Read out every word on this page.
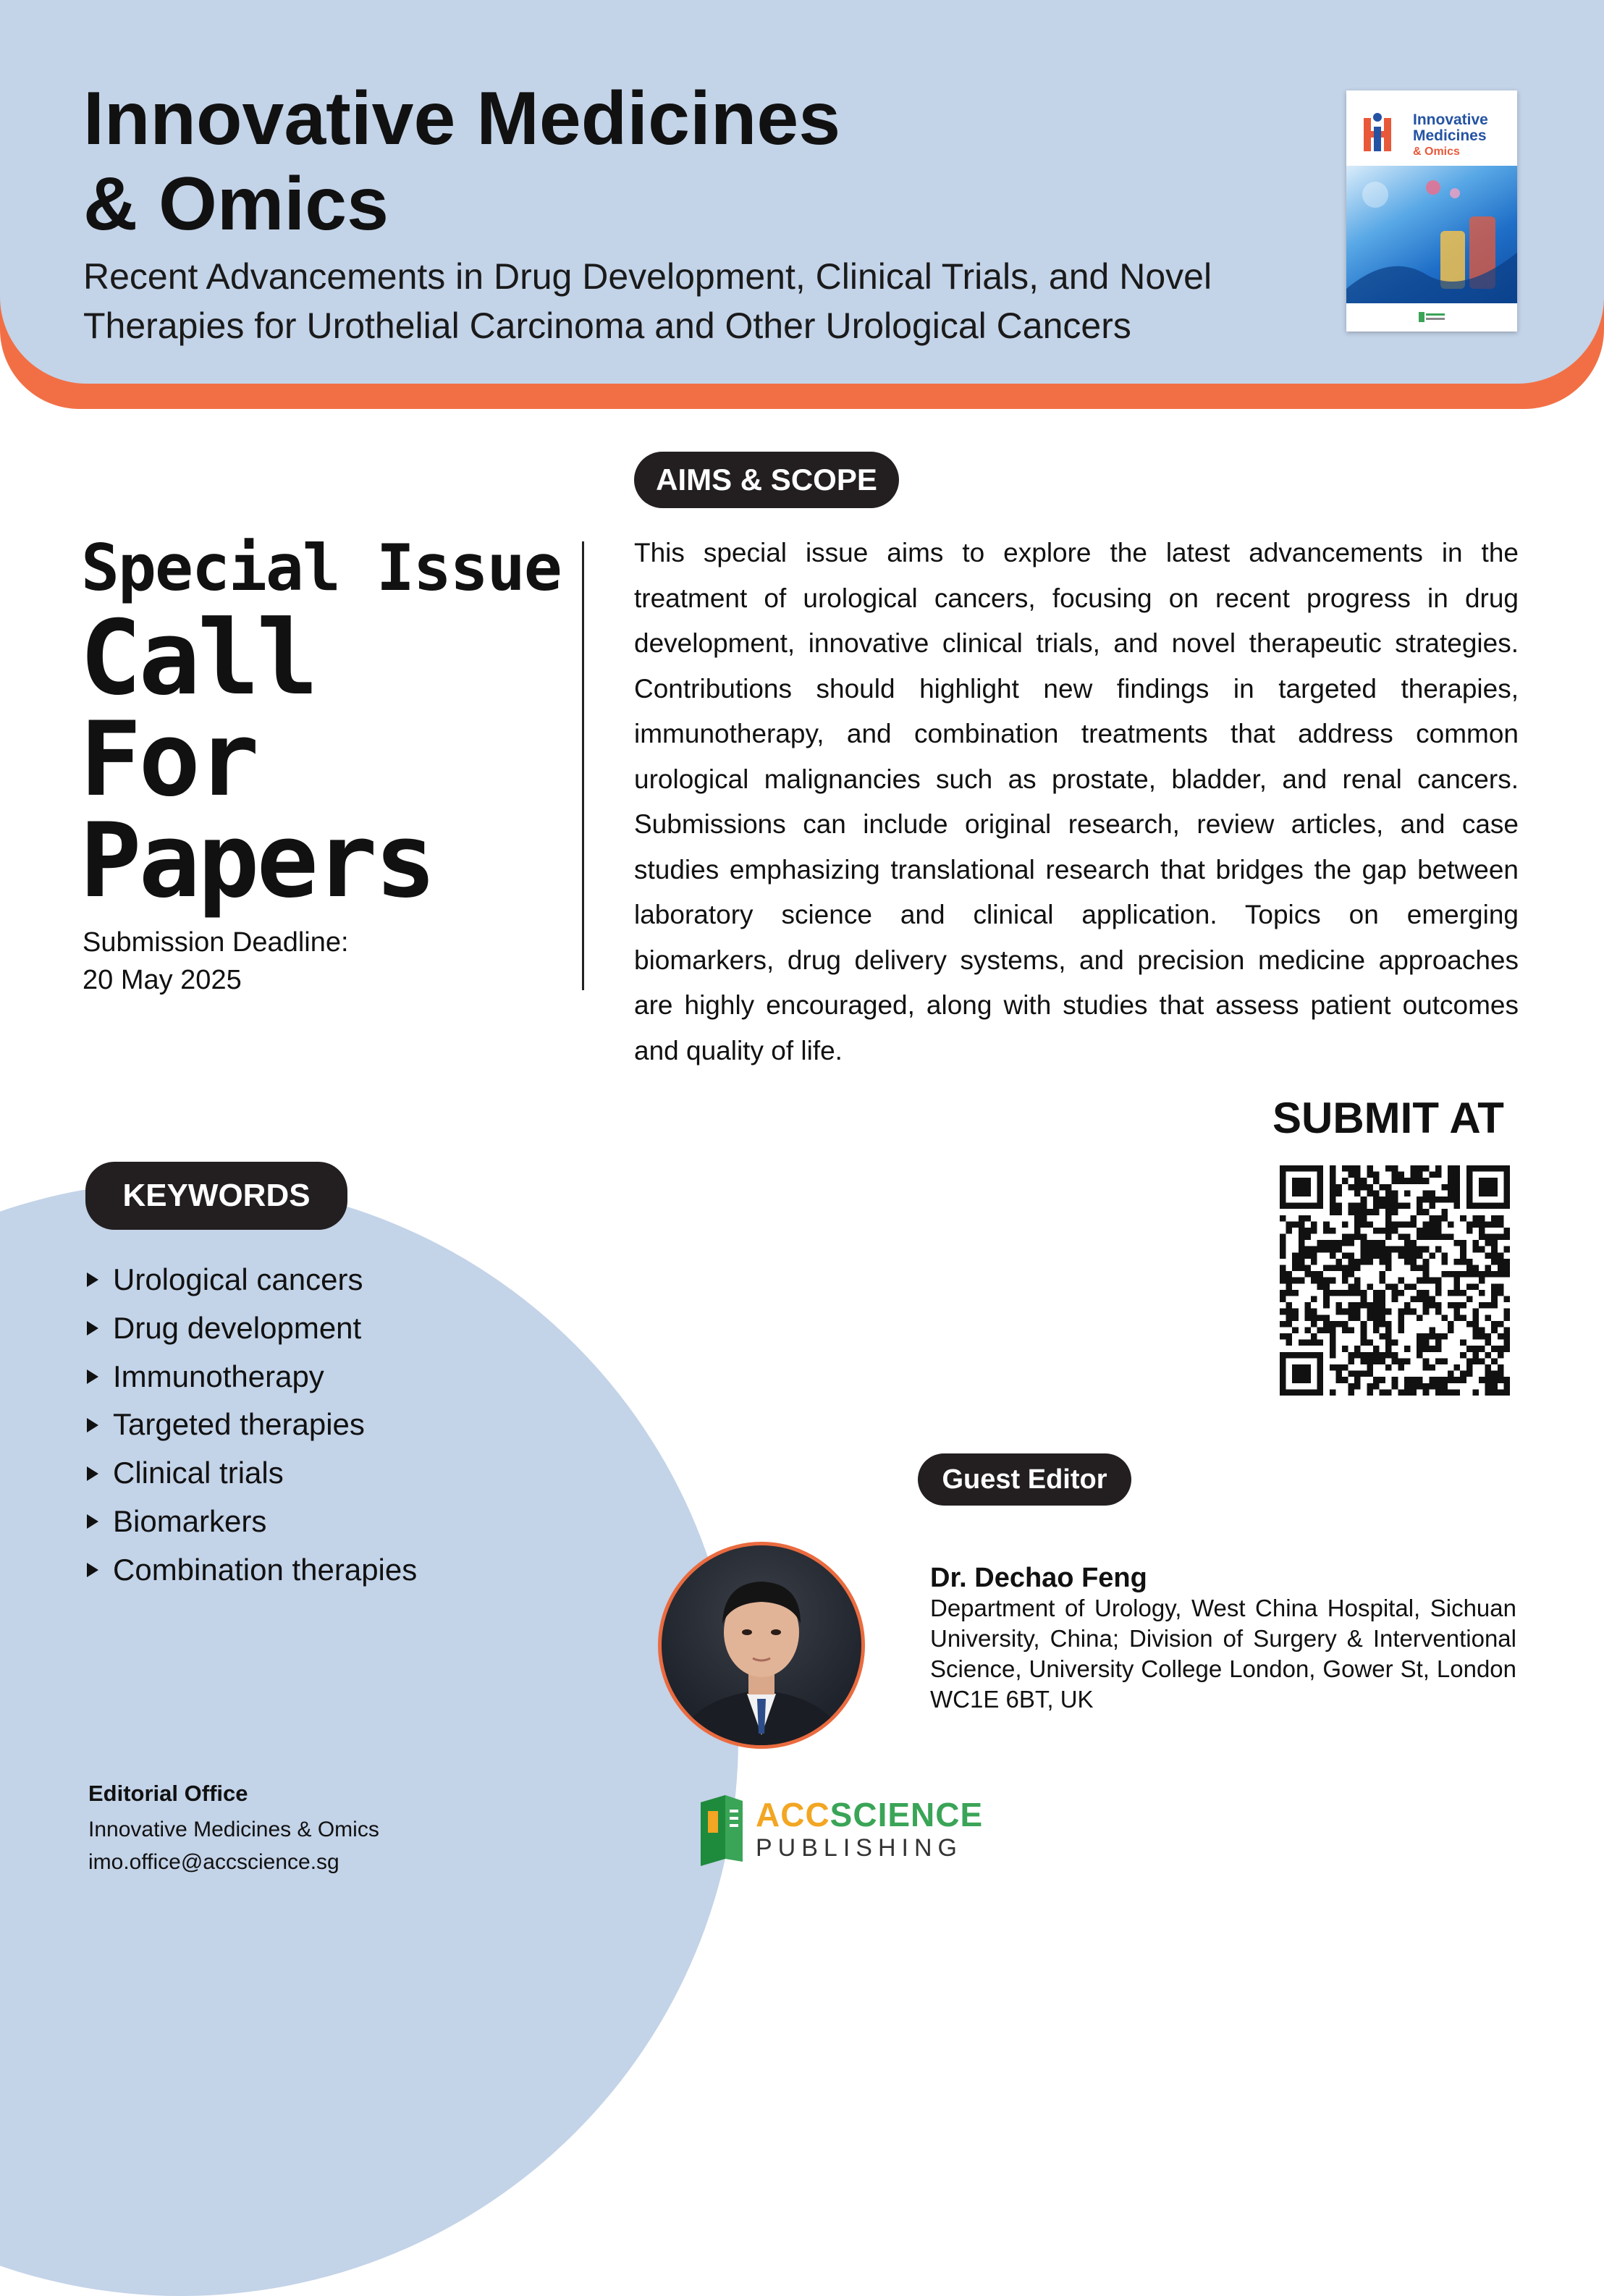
Innovative Medicines
& Omics
Recent Advancements in Drug Development, Clinical Trials, and Novel
Therapies for Urothelial Carcinoma and Other Urological Cancers
Innovative
Medicines
& Omics
Special Issue
Call
For
Papers
Submission Deadline:
20 May 2025
AIMS & SCOPE
This special issue aims to explore the latest advancements in the treatment of urological cancers, focusing on recent progress in drug development, innovative clinical trials, and novel therapeutic strategies. Contributions should highlight new findings in targeted therapies, immunotherapy, and combination treatments that address common urological malignancies such as prostate, bladder, and renal cancers. Submissions can include original research, review articles, and case studies emphasizing translational research that bridges the gap between laboratory science and clinical application. Topics on emerging biomarkers, drug delivery systems, and precision medicine approaches are highly encouraged, along with studies that assess patient outcomes and quality of life.
SUBMIT AT
KEYWORDS
Urological cancers
Drug development
Immunotherapy
Targeted therapies
Clinical trials
Biomarkers
Combination therapies
Guest Editor
Dr. Dechao Feng
Department of Urology, West China Hospital, Sichuan University, China; Division of Surgery & Interventional Science, University College London, Gower St, London WC1E 6BT, UK
Editorial Office
Innovative Medicines & Omics
imo.office@accscience.sg
ACCSCIENCE
PUBLISHING
